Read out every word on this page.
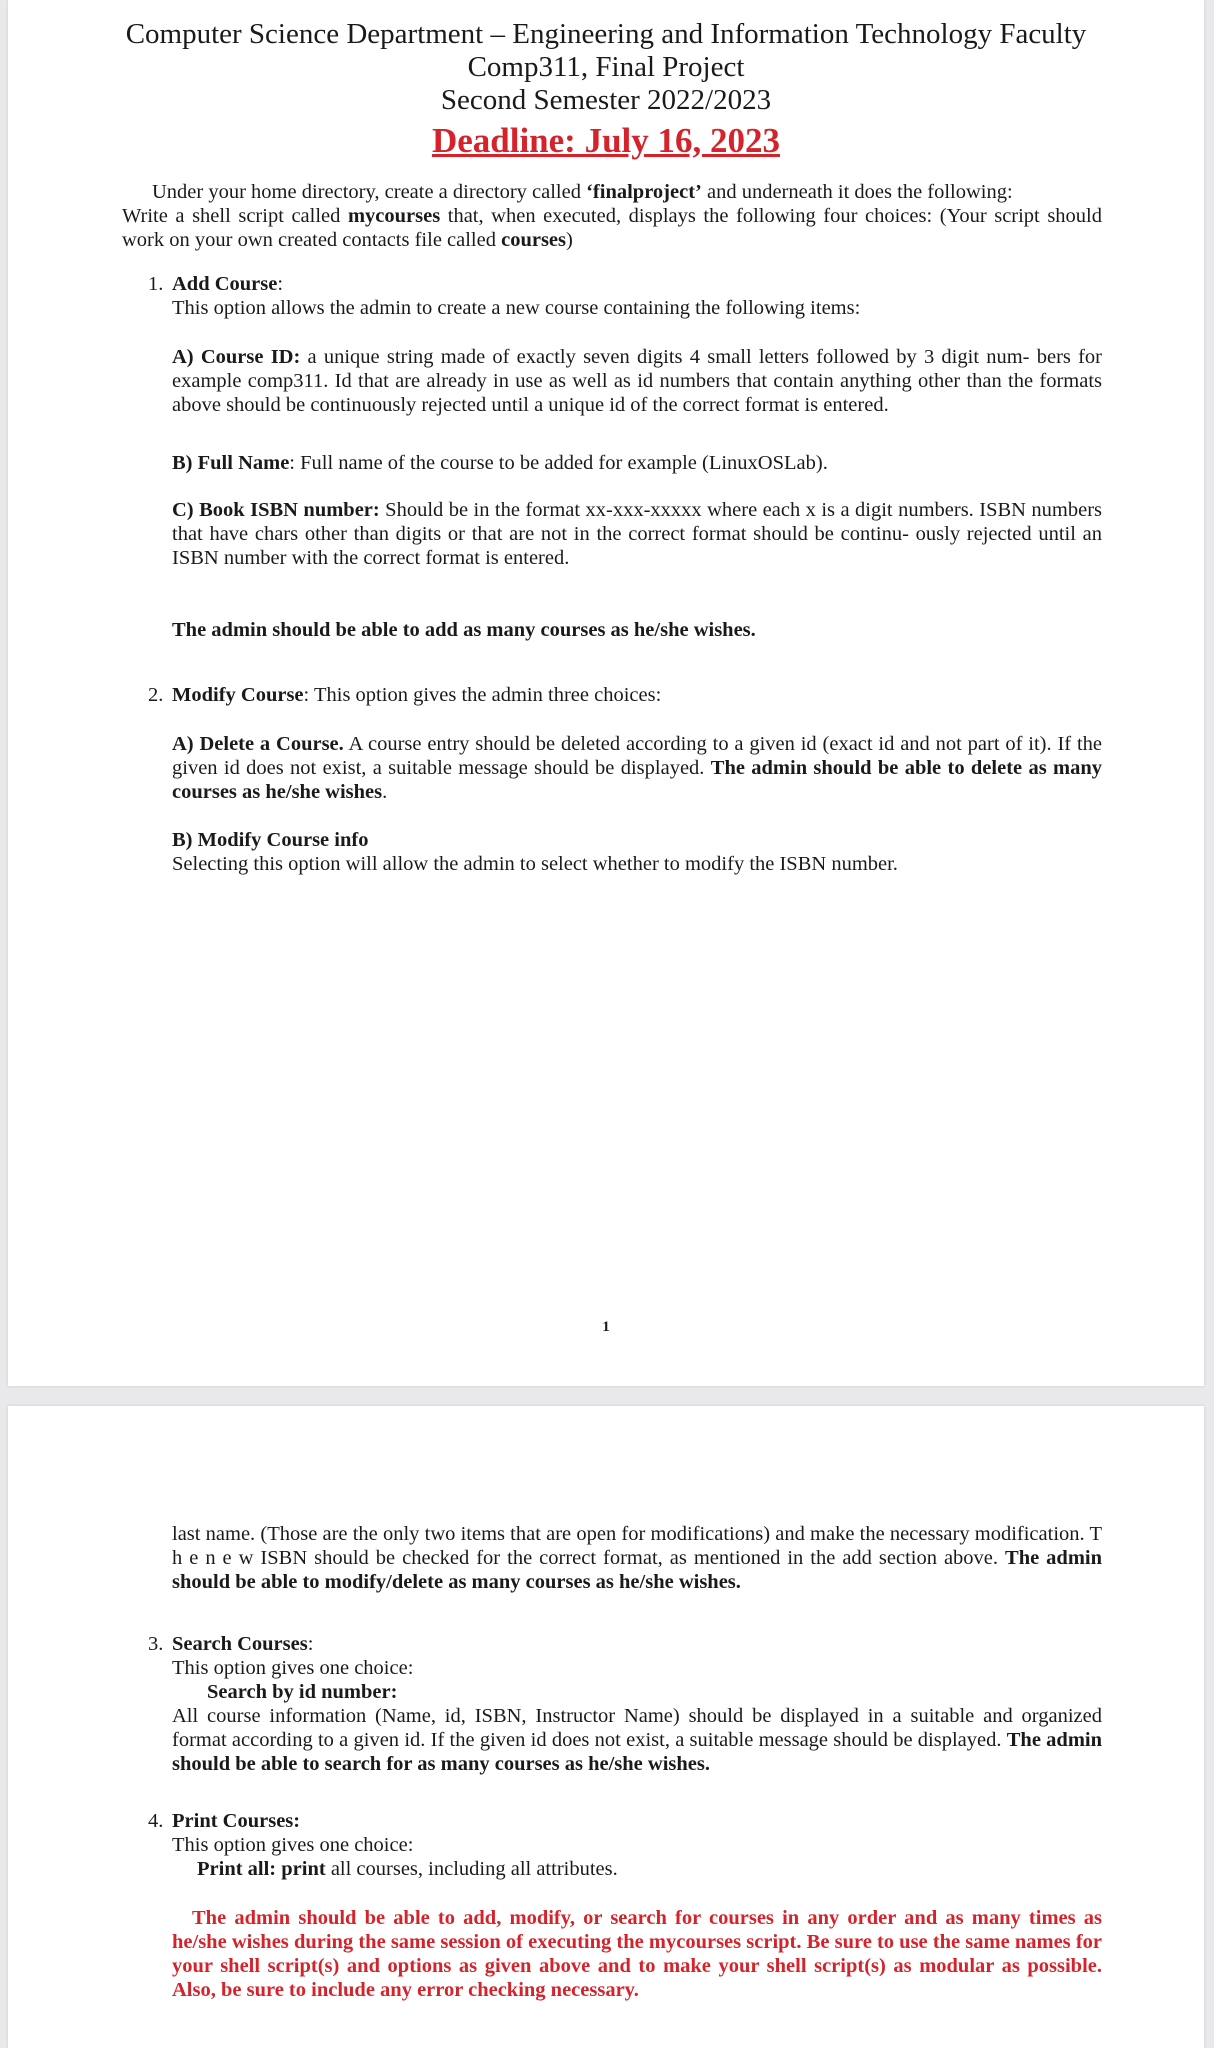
Computer Science Department – Engineering and Information Technology Faculty
Comp311, Final Project
Second Semester 2022/2023
Deadline: July 16, 2023

Under your home directory, create a directory called ‘finalproject’ and underneath it does the following:

Write a shell script called mycourses that, when executed, displays the following four choices: (Your script should work on your own created contacts file called courses)

1. Add Course:

This option allows the admin to create a new course containing the following items:

A) Course ID: a unique string made of exactly seven digits 4 small letters followed by 3 digit num- bers for example comp311. Id that are already in use as well as id numbers that contain anything other than the formats above should be continuously rejected until a unique id of the correct format is entered.
B) Full Name: Full name of the course to be added for example (LinuxOSLab).
C) Book ISBN number: Should be in the format xx-xxx-xxxxx where each x is a digit numbers. ISBN numbers that have chars other than digits or that are not in the correct format should be continu- ously rejected until an ISBN number with the correct format is entered.
The admin should be able to add as many courses as he/she wishes.
2. Modify Course: This option gives the admin three choices:
A) Delete a Course. A course entry should be deleted according to a given id (exact id and not part of it). If the given id does not exist, a suitable message should be displayed. The admin should be able to delete as many courses as he/she wishes.

B) Modify Course info

Selecting this option will allow the admin to select whether to modify the ISBN number.

1
last name. (Those are the only two items that are open for modifications) and make the necessary modification. T h e n e w ISBN should be checked for the correct format, as mentioned in the add section above. The admin should be able to modify/delete as many courses as he/she wishes.
3. Search Courses:

This option gives one choice:

Search by id number:

All course information (Name, id, ISBN, Instructor Name) should be displayed in a suitable and organized format according to a given id. If the given id does not exist, a suitable message should be displayed. The admin should be able to search for as many courses as he/she wishes.

4. Print Courses:

This option gives one choice:

Print all: print all courses, including all attributes.

The admin should be able to add, modify, or search for courses in any order and as many times as he/she wishes during the same session of executing the mycourses script. Be sure to use the same names for your shell script(s) and options as given above and to make your shell script(s) as modular as possible. Also, be sure to include any error checking necessary.
